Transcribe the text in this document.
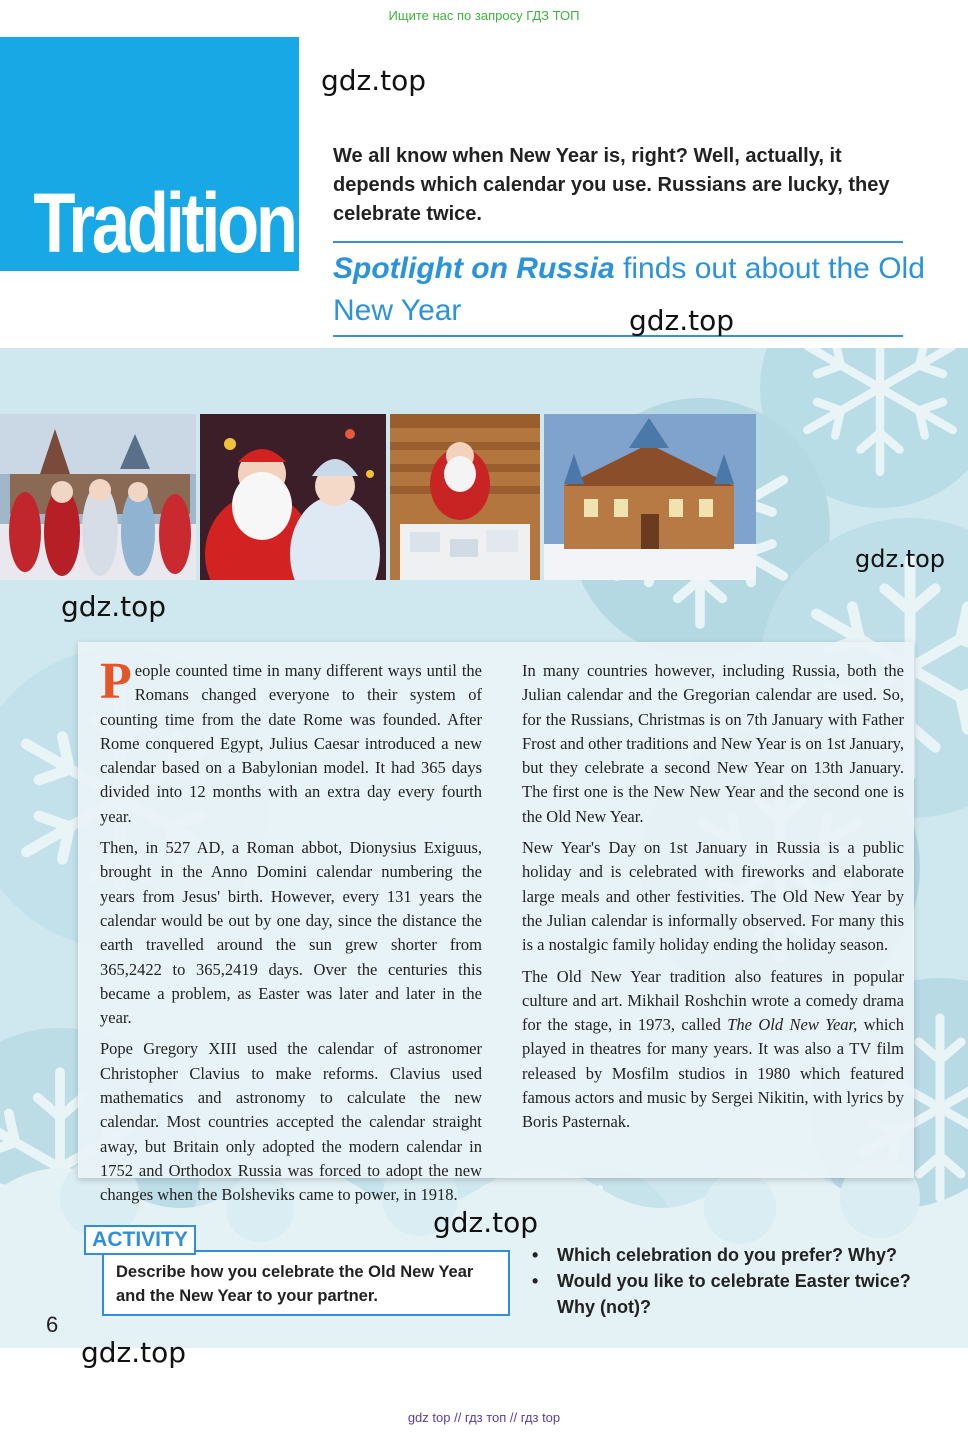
Ищите нас по запросу ГДЗ ТОП
Tradition
gdz.top
We all know when New Year is, right? Well, actually, it depends which calendar you use. Russians are lucky, they celebrate twice.
Spotlight on Russia finds out about the Old New Year	gdz.top
gdz.top
gdz.top

People counted time in many different ways until the Romans changed everyone to their system of counting time from the date Rome was founded. After Rome conquered Egypt, Julius Caesar introduced a new calendar based on a Babylonian model. It had 365 days divided into 12 months with an extra day every fourth year.

Then, in 527 AD, a Roman abbot, Dionysius Exiguus, brought in the Anno Domini calendar numbering the years from Jesus' birth. However, every 131 years the calendar would be out by one day, since the distance the earth travelled around the sun grew shorter from 365,2422 to 365,2419 days. Over the centuries this became a problem, as Easter was later and later in the year.

Pope Gregory XIII used the calendar of astronomer Christopher Clavius to make reforms. Clavius used mathematics and astronomy to calculate the new calendar. Most countries accepted the calendar straight away, but Britain only adopted the modern calendar in 1752 and Orthodox Russia was forced to adopt the new changes when the Bolsheviks came to power, in 1918.

In many countries however, including Russia, both the Julian calendar and the Gregorian calendar are used. So, for the Russians, Christmas is on 7th January with Father Frost and other traditions and New Year is on 1st January, but they celebrate a second New Year on 13th January. The first one is the New New Year and the second one is the Old New Year.

New Year's Day on 1st January in Russia is a public holiday and is celebrated with fireworks and elaborate large meals and other festivities. The Old New Year by the Julian calendar is informally observed. For many this is a nostalgic family holiday ending the holiday season.

The Old New Year tradition also features in popular culture and art. Mikhail Roshchin wrote a comedy drama for the stage, in 1973, called The Old New Year, which played in theatres for many years. It was also a TV film released by Mosfilm studios in 1980 which featured famous actors and music by Sergei Nikitin, with lyrics by Boris Pasternak.

gdz.top
Describe how you celebrate the Old New Year and the New Year to your partner.
ACTIVITY
• Which celebration do you prefer? Why?
• Would you like to celebrate Easter twice? Why (not)?
6
gdz.top
gdz top // гдз топ // гдз top
